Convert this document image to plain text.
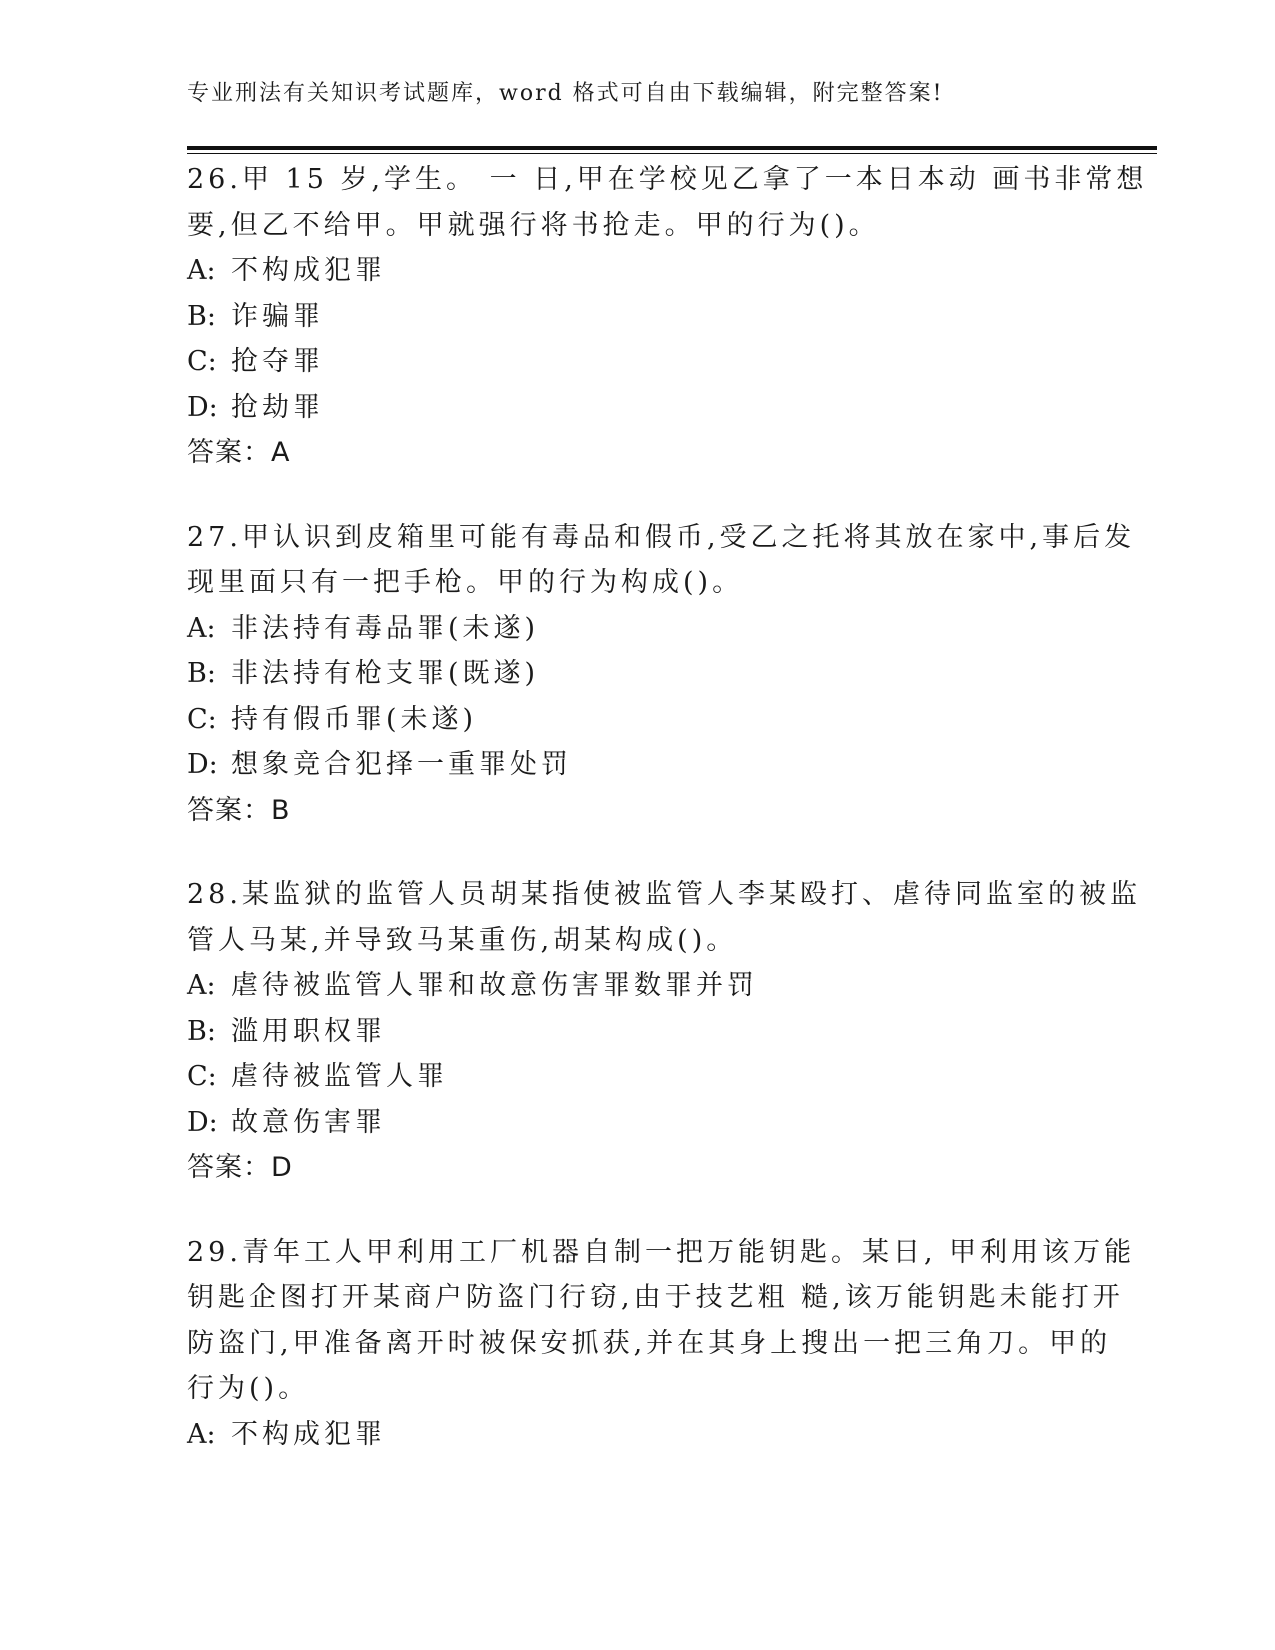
专业刑法有关知识考试题库，word 格式可自由下载编辑，附完整答案!
26.甲 15 岁,学生。 一 日,甲在学校见乙拿了一本日本动 画书非常想
要,但乙不给甲。甲就强行将书抢走。甲的行为()。
A: 不构成犯罪
B: 诈骗罪
C: 抢夺罪
D: 抢劫罪
答案：A
27.甲认识到皮箱里可能有毒品和假币,受乙之托将其放在家中,事后发
现里面只有一把手枪。甲的行为构成()。
A: 非法持有毒品罪(未遂)
B: 非法持有枪支罪(既遂)
C: 持有假币罪(未遂)
D: 想象竞合犯择一重罪处罚
答案：B
28.某监狱的监管人员胡某指使被监管人李某殴打、虐待同监室的被监
管人马某,并导致马某重伤,胡某构成()。
A: 虐待被监管人罪和故意伤害罪数罪并罚
B: 滥用职权罪
C: 虐待被监管人罪
D: 故意伤害罪
答案：D
29.青年工人甲利用工厂机器自制一把万能钥匙。某日, 甲利用该万能
钥匙企图打开某商户防盗门行窃,由于技艺粗 糙,该万能钥匙未能打开
防盗门,甲准备离开时被保安抓获,并在其身上搜出一把三角刀。甲的
行为()。
A: 不构成犯罪
